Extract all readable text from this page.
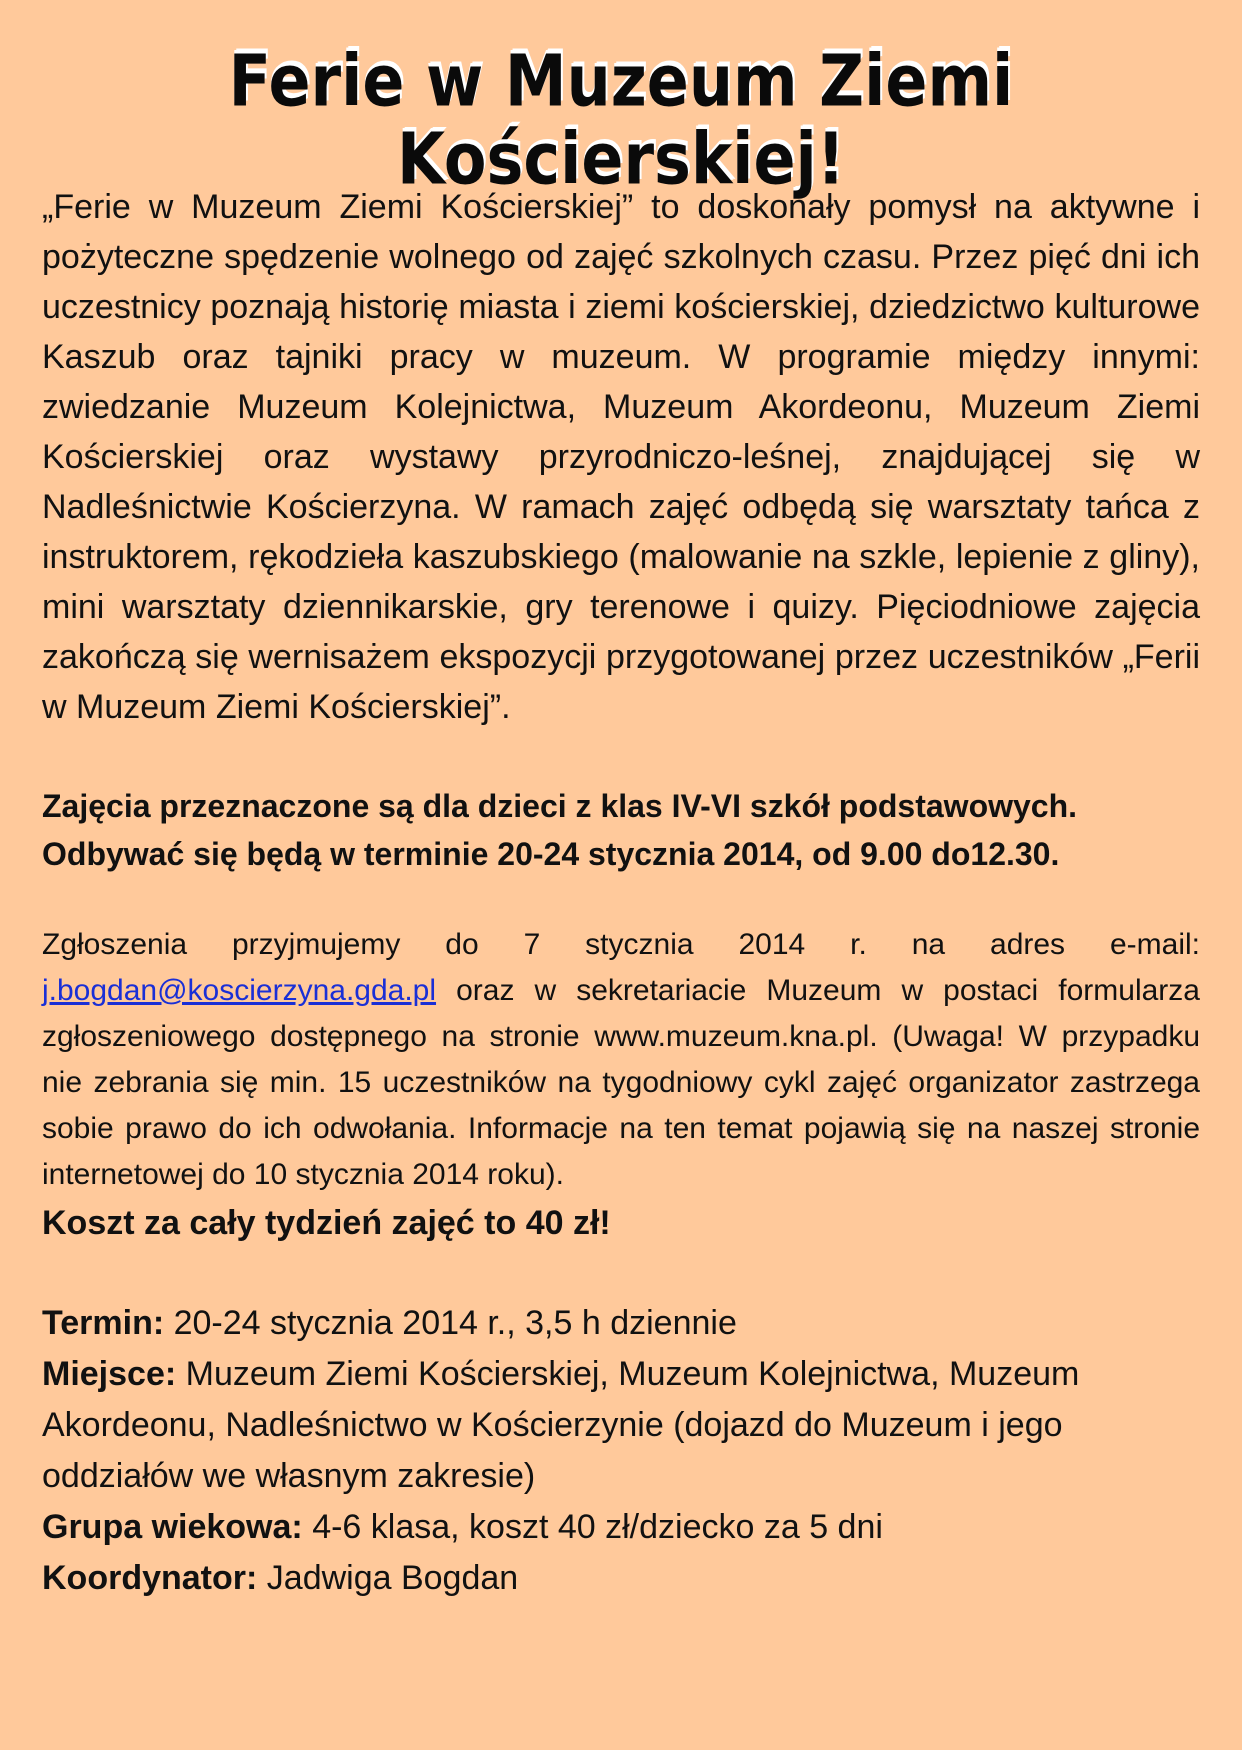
Ferie w Muzeum Ziemi Kościerskiej!

„Ferie w Muzeum Ziemi Kościerskiej” to doskonały pomysł na aktywne i pożyteczne spędzenie wolnego od zajęć szkolnych czasu. Przez pięć dni ich uczestnicy poznają historię miasta i ziemi kościerskiej, dziedzictwo kulturowe Kaszub oraz tajniki pracy w muzeum. W programie między innymi: zwiedzanie Muzeum Kolejnictwa, Muzeum Akordeonu, Muzeum Ziemi Kościerskiej oraz wystawy przyrodniczo-leśnej, znajdującej się w Nadleśnictwie Kościerzyna. W ramach zajęć odbędą się warsztaty tańca z instruktorem, rękodzieła kaszubskiego (malowanie na szkle, lepienie z gliny), mini warsztaty dziennikarskie, gry terenowe i quizy. Pięciodniowe zajęcia zakończą się wernisażem ekspozycji przygotowanej przez uczestników „Ferii w Muzeum Ziemi Kościerskiej”.

Zajęcia przeznaczone są dla dzieci z klas IV-VI szkół podstawowych.
Odbywać się będą w terminie 20-24 stycznia 2014, od 9.00 do12.30.

Zgłoszenia przyjmujemy do 7 stycznia 2014 r. na adres e-mail: j.bogdan@koscierzyna.gda.pl oraz w sekretariacie Muzeum w postaci formularza zgłoszeniowego dostępnego na stronie www.muzeum.kna.pl. (Uwaga! W przypadku nie zebrania się min. 15 uczestników na tygodniowy cykl zajęć organizator zastrzega sobie prawo do ich odwołania. Informacje na ten temat pojawią się na naszej stronie internetowej do 10 stycznia 2014 roku).

Koszt za cały tydzień zajęć to 40 zł!

Termin: 20-24 stycznia 2014 r., 3,5 h dziennie

Miejsce: Muzeum Ziemi Kościerskiej, Muzeum Kolejnictwa, Muzeum Akordeonu, Nadleśnictwo w Kościerzynie (dojazd do Muzeum i jego oddziałów we własnym zakresie)

Grupa wiekowa: 4-6 klasa, koszt 40 zł/dziecko za 5 dni

Koordynator: Jadwiga Bogdan
